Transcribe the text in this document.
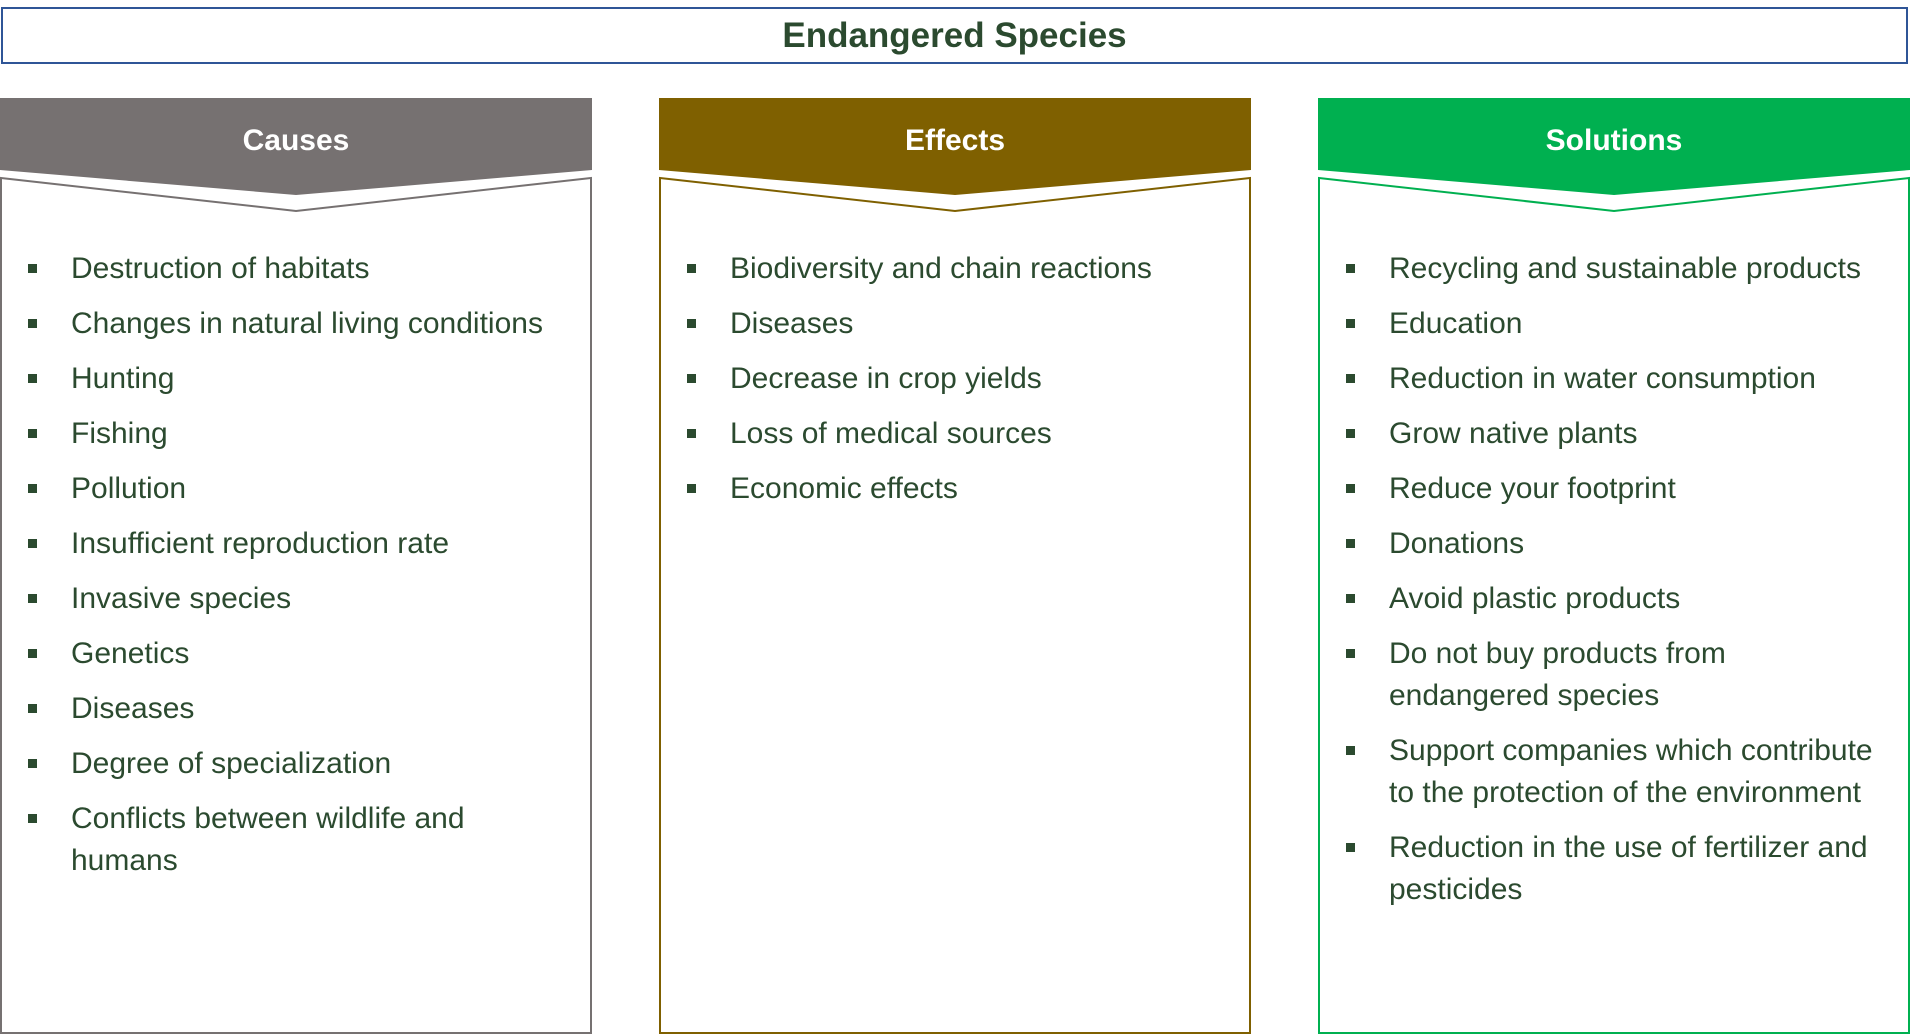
Endangered Species
Causes
Destruction of habitats
Changes in natural living conditions
Hunting
Fishing
Pollution
Insufficient reproduction rate
Invasive species
Genetics
Diseases
Degree of specialization
Conflicts between wildlife and humans
Effects
Biodiversity and chain reactions
Diseases
Decrease in crop yields
Loss of medical sources
Economic effects
Solutions
Recycling and sustainable products
Education
Reduction in water consumption
Grow native plants
Reduce your footprint
Donations
Avoid plastic products
Do not buy products from endangered species
Support companies which contribute to the protection of the environment
Reduction in the use of fertilizer and pesticides
